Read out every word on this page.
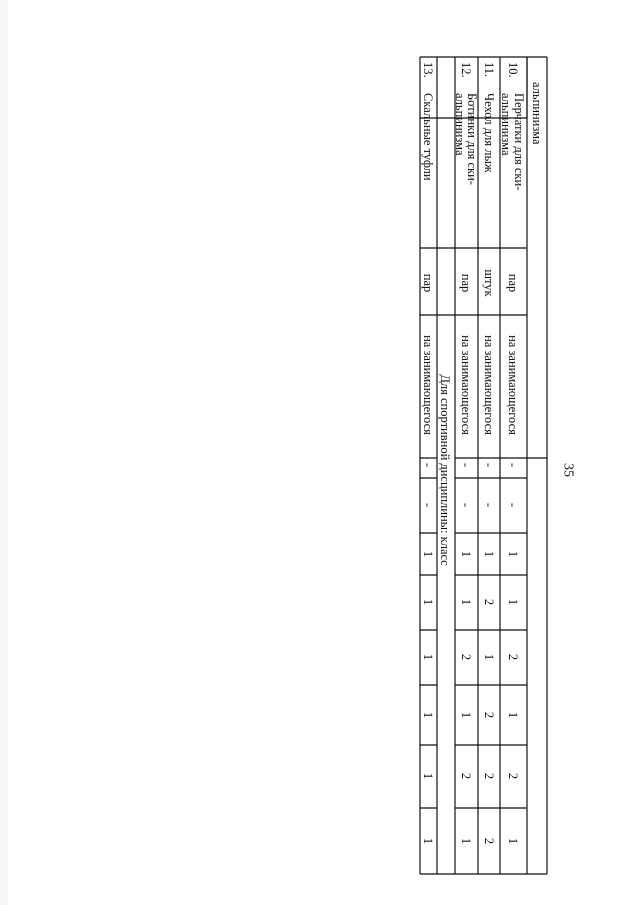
35
альпинизма
Для спортивной дисциплины: класс
10.
Перчатки для ски-
альпинизма
пар
на занимающегося
-
-
1
1
2
1
2
1
11.
Чехол для лыж
штук
на занимающегося
-
-
1
2
1
2
2
2
12.
Ботинки для ски-
альпинизма
пар
на занимающегося
-
-
1
1
2
1
2
1
13.
Скальные туфли
пар
на занимающегося
-
-
1
1
1
1
1
1
